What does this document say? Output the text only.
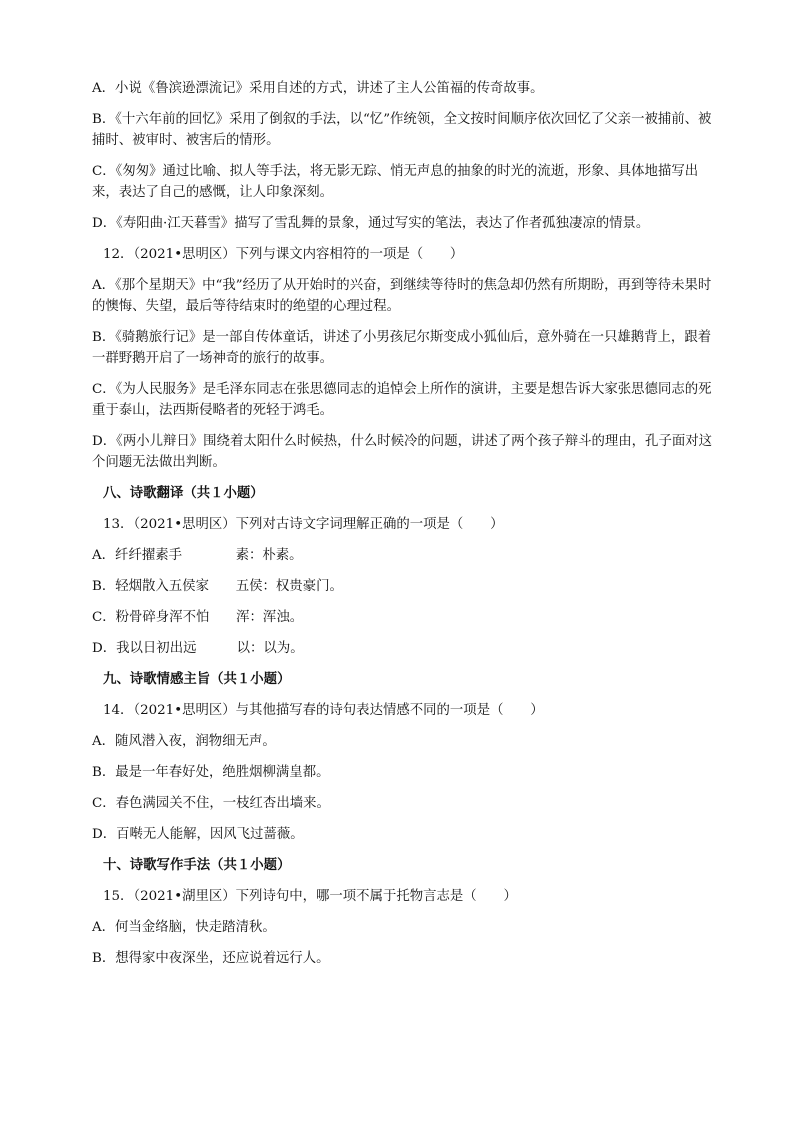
A．小说《鲁滨逊漂流记》采用自述的方式，讲述了主人公笛福的传奇故事。

B．《十六年前的回忆》采用了倒叙的手法，以“忆”作统领，全文按时间顺序依次回忆了父亲一被捕前、被捕时、被审时、被害后的情形。

C．《匆匆》通过比喻、拟人等手法，将无影无踪、悄无声息的抽象的时光的流逝，形象、具体地描写出来，表达了自己的感慨，让人印象深刻。

D．《寿阳曲·江天暮雪》描写了雪乱舞的景象，通过写实的笔法，表达了作者孤独凄凉的情景。

12．（2021•思明区）下列与课文内容相符的一项是（　　）

A．《那个星期天》中“我”经历了从开始时的兴奋，到继续等待时的焦急却仍然有所期盼，再到等待未果时的懊悔、失望，最后等待结束时的绝望的心理过程。

B．《骑鹅旅行记》是一部自传体童话，讲述了小男孩尼尔斯变成小狐仙后，意外骑在一只雄鹅背上，跟着一群野鹅开启了一场神奇的旅行的故事。

C．《为人民服务》是毛泽东同志在张思德同志的追悼会上所作的演讲，主要是想告诉大家张思德同志的死重于泰山，法西斯侵略者的死轻于鸿毛。

D．《两小儿辩日》围绕着太阳什么时候热，什么时候冷的问题，讲述了两个孩子辩斗的理由，孔子面对这个问题无法做出判断。

八、诗歌翻译（共１小题）

13．（2021•思明区）下列对古诗文字词理解正确的一项是（　　）

A．纤纤擢素手　　　　素：朴素。

B．轻烟散入五侯家　　五侯：权贵豪门。

C．粉骨碎身浑不怕　　浑：浑浊。

D．我以日初出远　　　以：以为。

九、诗歌情感主旨（共１小题）

14．（2021•思明区）与其他描写春的诗句表达情感不同的一项是（　　）

A．随风潜入夜，润物细无声。

B．最是一年春好处，绝胜烟柳满皇都。

C．春色满园关不住，一枝红杏出墙来。

D．百啭无人能解，因风飞过蔷薇。

十、诗歌写作手法（共１小题）

15．（2021•湖里区）下列诗句中，哪一项不属于托物言志是（　　）

A．何当金络脑，快走踏清秋。

B．想得家中夜深坐，还应说着远行人。
